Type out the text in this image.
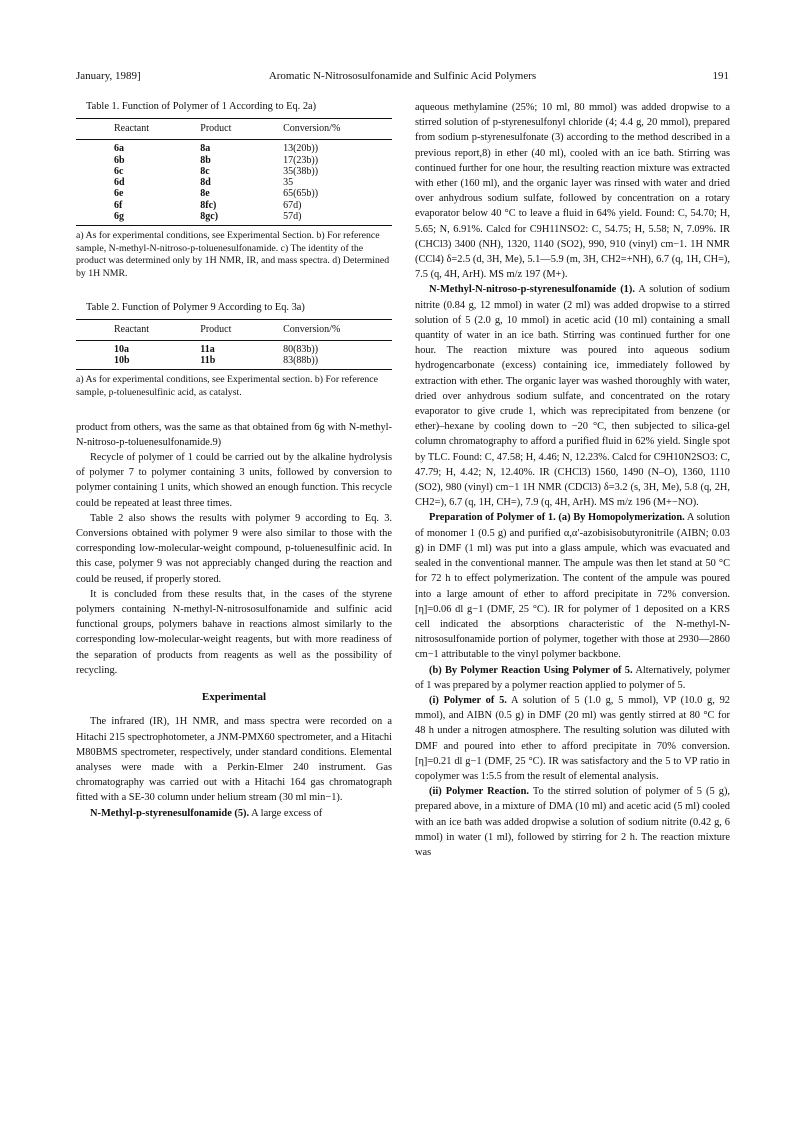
January, 1989]	Aromatic N-Nitrososulfonamide and Sulfinic Acid Polymers	191
Table 1. Function of Polymer of 1 According to Eq. 2a)
Reactant	Product	Conversion/%
6a	8a	13(20b))
6b	8b	17(23b))
6c	8c	35(38b))
6d	8d	35
6e	8e	65(65b))
6f	8fc)	67d)
6g	8gc)	57d)
a) As for experimental conditions, see Experimental Section. b) For reference sample, N-methyl-N-nitroso-p-toluenesulfonamide. c) The identity of the product was determined only by 1H NMR, IR, and mass spectra. d) Determined by 1H NMR.
Table 2. Function of Polymer 9 According to Eq. 3a)
Reactant	Product	Conversion/%
10a	11a	80(83b))
10b	11b	83(88b))
a) As for experimental conditions, see Experimental section. b) For reference sample, p-toluenesulfinic acid, as catalyst.

product from others, was the same as that obtained from 6g with N-methyl-N-nitroso-p-toluenesulfonamide.9)

Recycle of polymer of 1 could be carried out by the alkaline hydrolysis of polymer 7 to polymer containing 3 units, followed by conversion to polymer containing 1 units, which showed an enough function. This recycle could be repeated at least three times.

Table 2 also shows the results with polymer 9 according to Eq. 3. Conversions obtained with polymer 9 were also similar to those with the corresponding low-molecular-weight compound, p-toluenesulfinic acid. In this case, polymer 9 was not appreciably changed during the reaction and could be reused, if properly stored.

It is concluded from these results that, in the cases of the styrene polymers containing N-methyl-N-nitrososulfonamide and sulfinic acid functional groups, polymers bahave in reactions almost similarly to the corresponding low-molecular-weight reagents, but with more readiness of the separation of products from reagents as well as the possibility of recycling.

Experimental

The infrared (IR), 1H NMR, and mass spectra were recorded on a Hitachi 215 spectrophotometer, a JNM-PMX60 spectrometer, and a Hitachi M80BMS spectrometer, respectively, under standard conditions. Elemental analyses were made with a Perkin-Elmer 240 instrument. Gas chromatography was carried out with a Hitachi 164 gas chromatograph fitted with a SE-30 column under helium stream (30 ml min−1).

N-Methyl-p-styrenesulfonamide (5). A large excess of

aqueous methylamine (25%; 10 ml, 80 mmol) was added dropwise to a stirred solution of p-styrenesulfonyl chloride (4; 4.4 g, 20 mmol), prepared from sodium p-styrenesulfonate (3) according to the method described in a previous report,8) in ether (40 ml), cooled with an ice bath. Stirring was continued further for one hour, the resulting reaction mixture was extracted with ether (160 ml), and the organic layer was rinsed with water and dried over anhydrous sodium sulfate, followed by concentration on a rotary evaporator below 40 °C to leave a fluid in 64% yield. Found: C, 54.70; H, 5.65; N, 6.91%. Calcd for C9H11NSO2: C, 54.75; H, 5.58; N, 7.09%. IR (CHCl3) 3400 (NH), 1320, 1140 (SO2), 990, 910 (vinyl) cm−1. 1H NMR (CCl4) δ=2.5 (d, 3H, Me), 5.1—5.9 (m, 3H, CH2=+NH), 6.7 (q, 1H, CH=), 7.5 (q, 4H, ArH). MS m/z 197 (M+).

N-Methyl-N-nitroso-p-styrenesulfonamide (1). A solution of sodium nitrite (0.84 g, 12 mmol) in water (2 ml) was added dropwise to a stirred solution of 5 (2.0 g, 10 mmol) in acetic acid (10 ml) containing a small quantity of water in an ice bath. Stirring was continued further for one hour. The reaction mixture was poured into aqueous sodium hydrogencarbonate (excess) containing ice, immediately followed by extraction with ether. The organic layer was washed thoroughly with water, dried over anhydrous sodium sulfate, and concentrated on the rotary evaporator to give crude 1, which was reprecipitated from benzene (or ether)–hexane by cooling down to −20 °C, then subjected to silica-gel column chromatography to afford a purified fluid in 62% yield. Single spot by TLC. Found: C, 47.58; H, 4.46; N, 12.23%. Calcd for C9H10N2SO3: C, 47.79; H, 4.42; N, 12.40%. IR (CHCl3) 1560, 1490 (N–O), 1360, 1110 (SO2), 980 (vinyl) cm−1 1H NMR (CDCl3) δ=3.2 (s, 3H, Me), 5.8 (q, 2H, CH2=), 6.7 (q, 1H, CH=), 7.9 (q, 4H, ArH). MS m/z 196 (M+−NO).

Preparation of Polymer of 1. (a) By Homopolymerization. A solution of monomer 1 (0.5 g) and purified α,α′-azobisisobutyronitrile (AIBN; 0.03 g) in DMF (1 ml) was put into a glass ampule, which was evacuated and sealed in the conventional manner. The ampule was then let stand at 50 °C for 72 h to effect polymerization. The content of the ampule was poured into a large amount of ether to afford precipitate in 72% conversion. [η]=0.06 dl g−1 (DMF, 25 °C). IR for polymer of 1 deposited on a KRS cell indicated the absorptions characteristic of the N-methyl-N-nitrososulfonamide portion of polymer, together with those at 2930—2860 cm−1 attributable to the vinyl polymer backbone.

(b) By Polymer Reaction Using Polymer of 5. Alternatively, polymer of 1 was prepared by a polymer reaction applied to polymer of 5.

(i) Polymer of 5. A solution of 5 (1.0 g, 5 mmol), VP (10.0 g, 92 mmol), and AIBN (0.5 g) in DMF (20 ml) was gently stirred at 80 °C for 48 h under a nitrogen atmosphere. The resulting solution was diluted with DMF and poured into ether to afford precipitate in 70% conversion. [η]=0.21 dl g−1 (DMF, 25 °C). IR was satisfactory and the 5 to VP ratio in copolymer was 1:5.5 from the result of elemental analysis.

(ii) Polymer Reaction. To the stirred solution of polymer of 5 (5 g), prepared above, in a mixture of DMA (10 ml) and acetic acid (5 ml) cooled with an ice bath was added dropwise a solution of sodium nitrite (0.42 g, 6 mmol) in water (1 ml), followed by stirring for 2 h. The reaction mixture was
